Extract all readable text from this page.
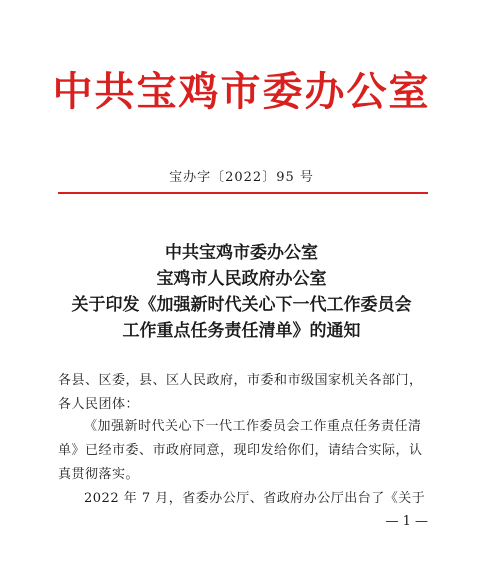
中共宝鸡市委办公室
宝办字〔2022〕95 号
中共宝鸡市委办公室
宝鸡市人民政府办公室
关于印发《加强新时代关心下一代工作委员会
工作重点任务责任清单》的通知
各县、区委，县、区人民政府，市委和市级国家机关各部门，各人民团体：
《加强新时代关心下一代工作委员会工作重点任务责任清单》已经市委、市政府同意，现印发给你们，请结合实际，认真贯彻落实。
2022 年 7 月，省委办公厅、省政府办公厅出台了《关于
— 1 —
